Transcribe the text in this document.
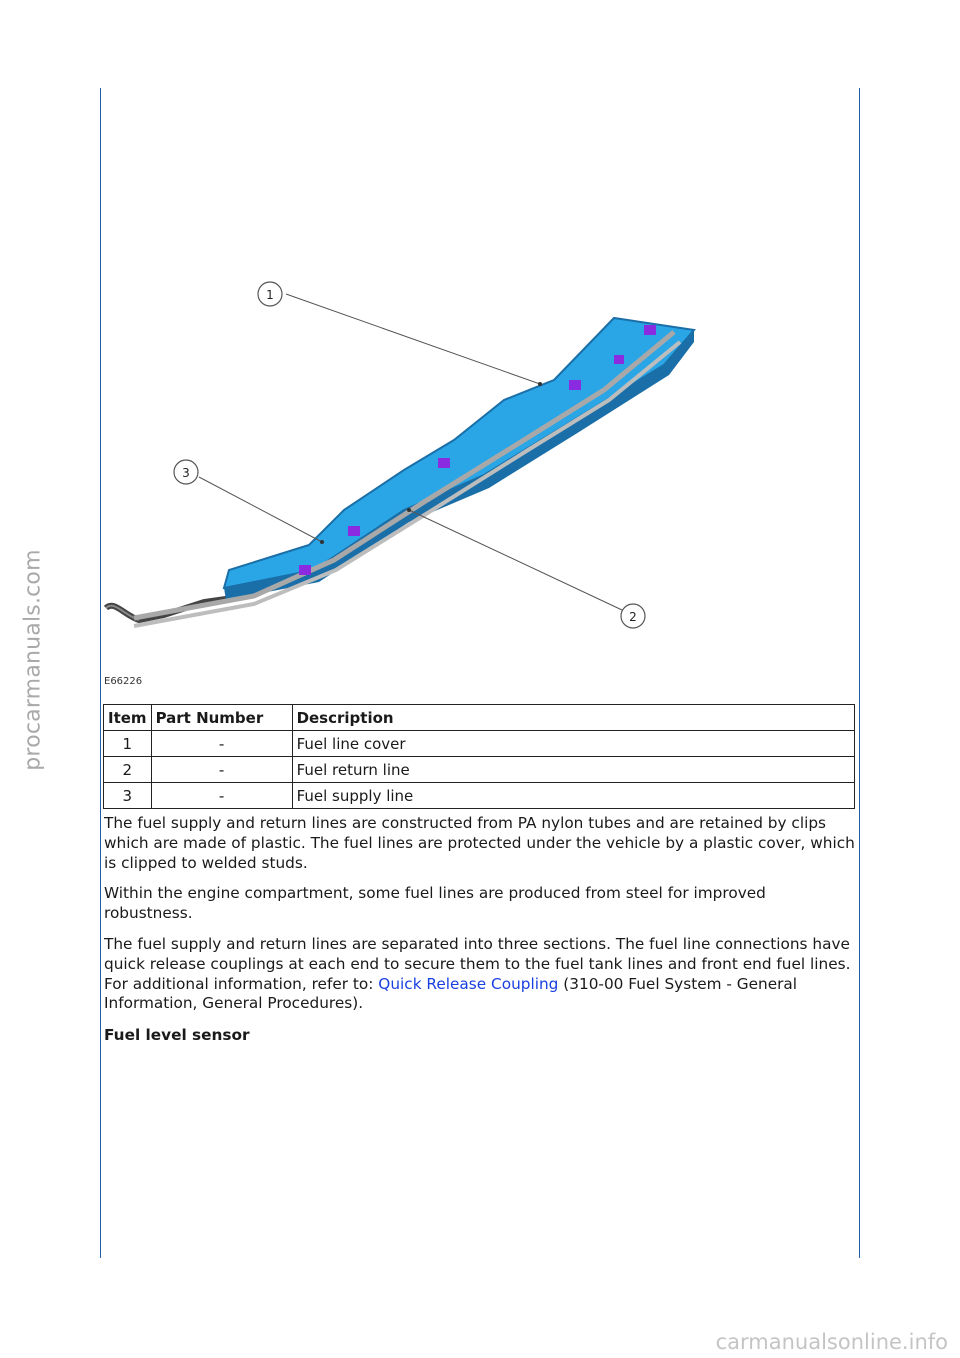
procarmanuals.com
carmanualsonline.info
1
3
2
E66226
Item	Part Number	Description
1	-	Fuel line cover
2	-	Fuel return line
3	-	Fuel supply line

The fuel supply and return lines are constructed from PA nylon tubes and are retained by clips which are made of plastic. The fuel lines are protected under the vehicle by a plastic cover, which is clipped to welded studs.

Within the engine compartment, some fuel lines are produced from steel for improved robustness.

The fuel supply and return lines are separated into three sections. The fuel line connections have quick release couplings at each end to secure them to the fuel tank lines and front end fuel lines.

For additional information, refer to: Quick Release Coupling (310-00 Fuel System - General Information, General Procedures).

Fuel level sensor
